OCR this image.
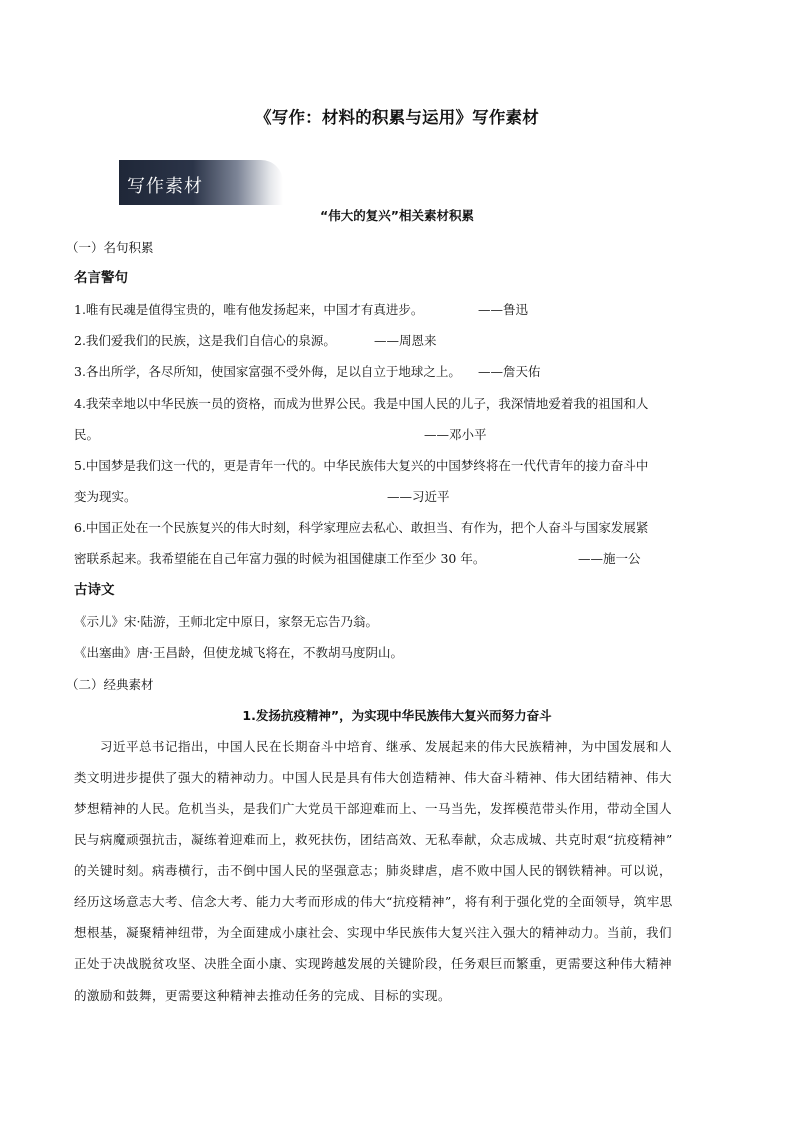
《写作：材料的积累与运用》写作素材
写作素材
“伟大的复兴”相关素材积累
（一）名句积累
名言警句
1.唯有民魂是值得宝贵的，唯有他发扬起来，中国才有真进步。	——鲁迅
2.我们爱我们的民族，这是我们自信心的泉源。	——周恩来
3.各出所学，各尽所知，使国家富强不受外侮，足以自立于地球之上。 ——詹天佑
4.我荣幸地以中华民族一员的资格，而成为世界公民。我是中国人民的儿子，我深情地爱着我的祖国和人
民。	——邓小平
5.中国梦是我们这一代的，更是青年一代的。中华民族伟大复兴的中国梦终将在一代代青年的接力奋斗中
变为现实。	——习近平
6.中国正处在一个民族复兴的伟大时刻，科学家理应去私心、敢担当、有作为，把个人奋斗与国家发展紧
密联系起来。我希望能在自己年富力强的时候为祖国健康工作至少 30 年。	——施一公
古诗文
《示儿》宋·陆游，王师北定中原日，家祭无忘告乃翁。
《出塞曲》唐·王昌龄，但使龙城飞将在，不教胡马度阴山。
（二）经典素材
1.发扬抗疫精神”，为实现中华民族伟大复兴而努力奋斗
习近平总书记指出，中国人民在长期奋斗中培育、继承、发展起来的伟大民族精神，为中国发展和人
类文明进步提供了强大的精神动力。中国人民是具有伟大创造精神、伟大奋斗精神、伟大团结精神、伟大
梦想精神的人民。危机当头，是我们广大党员干部迎难而上、一马当先，发挥模范带头作用，带动全国人
民与病魔顽强抗击，凝练着迎难而上，救死扶伤，团结高效、无私奉献，众志成城、共克时艰“抗疫精神”
的关键时刻。病毒横行，击不倒中国人民的坚强意志；肺炎肆虐，虐不败中国人民的钢铁精神。可以说，
经历这场意志大考、信念大考、能力大考而形成的伟大“抗疫精神”，将有利于强化党的全面领导，筑牢思
想根基，凝聚精神纽带，为全面建成小康社会、实现中华民族伟大复兴注入强大的精神动力。当前，我们
正处于决战脱贫攻坚、决胜全面小康、实现跨越发展的关键阶段，任务艰巨而繁重，更需要这种伟大精神
的激励和鼓舞，更需要这种精神去推动任务的完成、目标的实现。
